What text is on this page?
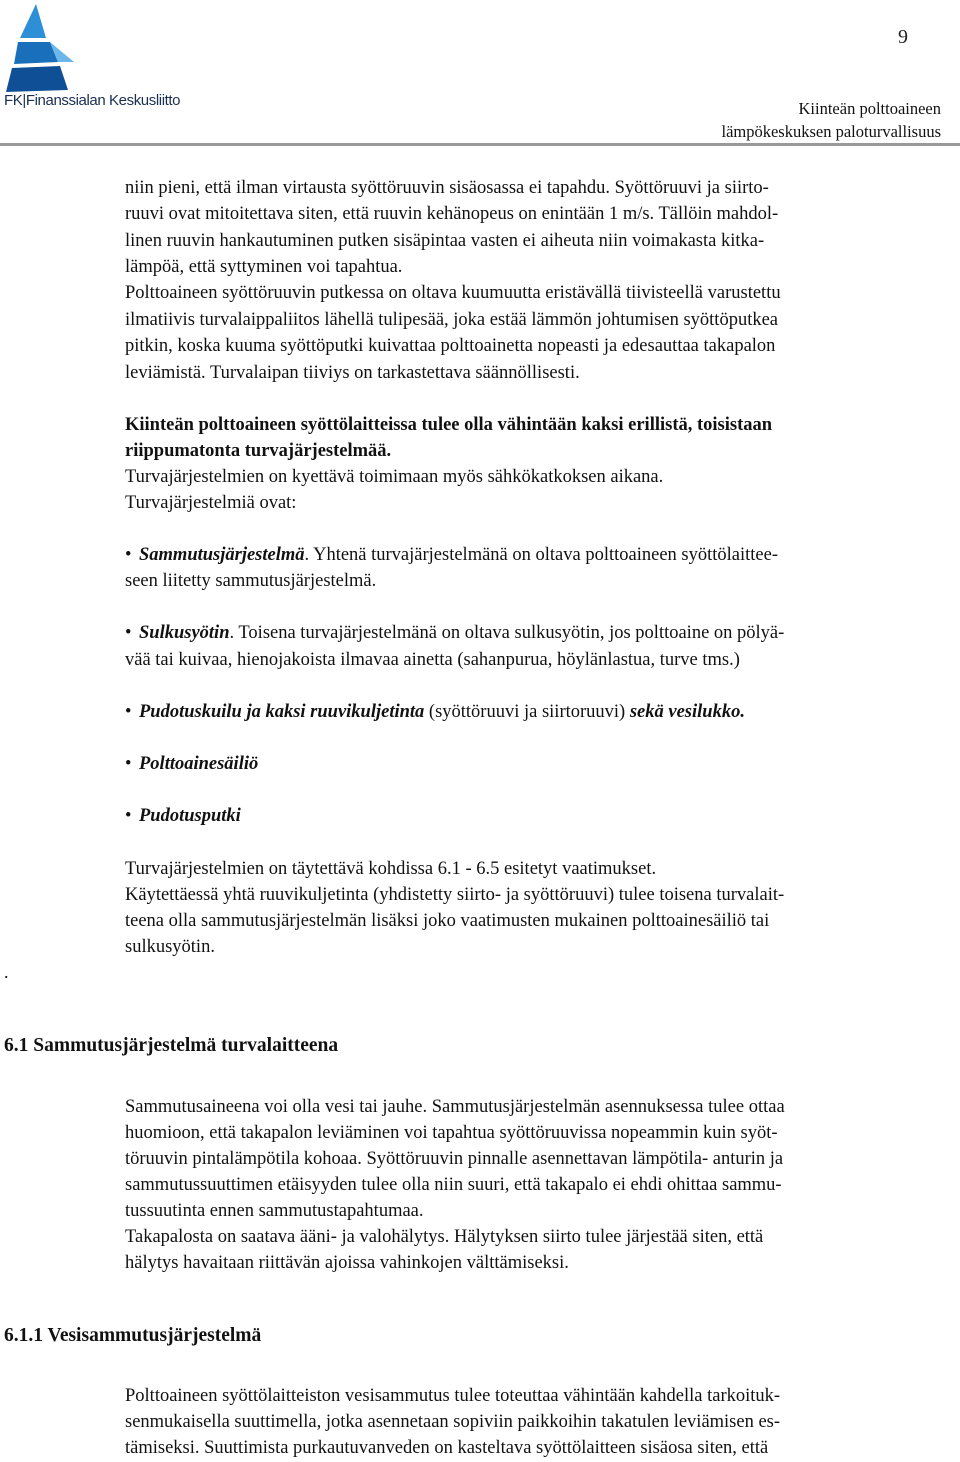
FK|Finanssialan Keskusliitto
9
Kiinteän polttoaineen
lämpökeskuksen paloturvallisuus
niin pieni, että ilman virtausta syöttöruuvin sisäosassa ei tapahdu. Syöttöruuvi ja siirto-
ruuvi ovat mitoitettava siten, että ruuvin kehänopeus on enintään 1 m/s. Tällöin mahdol-
linen ruuvin hankautuminen putken sisäpintaa vasten ei aiheuta niin voimakasta kitka-
lämpöä, että syttyminen voi tapahtua.
Polttoaineen syöttöruuvin putkessa on oltava kuumuutta eristävällä tiivisteellä varustettu
ilmatiivis turvalaippaliitos lähellä tulipesää, joka estää lämmön johtumisen syöttöputkea
pitkin, koska kuuma syöttöputki kuivattaa polttoainetta nopeasti ja edesauttaa takapalon
leviämistä. Turvalaipan tiiviys on tarkastettava säännöllisesti.
Kiinteän polttoaineen syöttölaitteissa tulee olla vähintään kaksi erillistä, toisistaan
riippumatonta turvajärjestelmää.
Turvajärjestelmien on kyettävä toimimaan myös sähkökatkoksen aikana.
Turvajärjestelmiä ovat:
• Sammutusjärjestelmä. Yhtenä turvajärjestelmänä on oltava polttoaineen syöttölaittee-
seen liitetty sammutusjärjestelmä.
• Sulkusyötin. Toisena turvajärjestelmänä on oltava sulkusyötin, jos polttoaine on pölyä-
vää tai kuivaa, hienojakoista ilmavaa ainetta (sahanpurua, höylänlastua, turve tms.)
• Pudotuskuilu ja kaksi ruuvikuljetinta (syöttöruuvi ja siirtoruuvi) sekä vesilukko.
• Polttoainesäiliö
• Pudotusputki
Turvajärjestelmien on täytettävä kohdissa 6.1 - 6.5 esitetyt vaatimukset.
Käytettäessä yhtä ruuvikuljetinta (yhdistetty siirto- ja syöttöruuvi) tulee toisena turvalait-
teena olla sammutusjärjestelmän lisäksi joko vaatimusten mukainen polttoainesäiliö tai
sulkusyötin.
.
6.1 Sammutusjärjestelmä turvalaitteena
Sammutusaineena voi olla vesi tai jauhe. Sammutusjärjestelmän asennuksessa tulee ottaa
huomioon, että takapalon leviäminen voi tapahtua syöttöruuvissa nopeammin kuin syöt-
töruuvin pintalämpötila kohoaa. Syöttöruuvin pinnalle asennettavan lämpötila- anturin ja
sammutussuuttimen etäisyyden tulee olla niin suuri, että takapalo ei ehdi ohittaa sammu-
tussuutinta ennen sammutustapahtumaa.
Takapalosta on saatava ääni- ja valohälytys. Hälytyksen siirto tulee järjestää siten, että
hälytys havaitaan riittävän ajoissa vahinkojen välttämiseksi.
6.1.1 Vesisammutusjärjestelmä
Polttoaineen syöttölaitteiston vesisammutus tulee toteuttaa vähintään kahdella tarkoituk-
senmukaisella suuttimella, jotka asennetaan sopiviin paikkoihin takatulen leviämisen es-
tämiseksi. Suuttimista purkautuvanveden on kasteltava syöttölaitteen sisäosa siten, että
